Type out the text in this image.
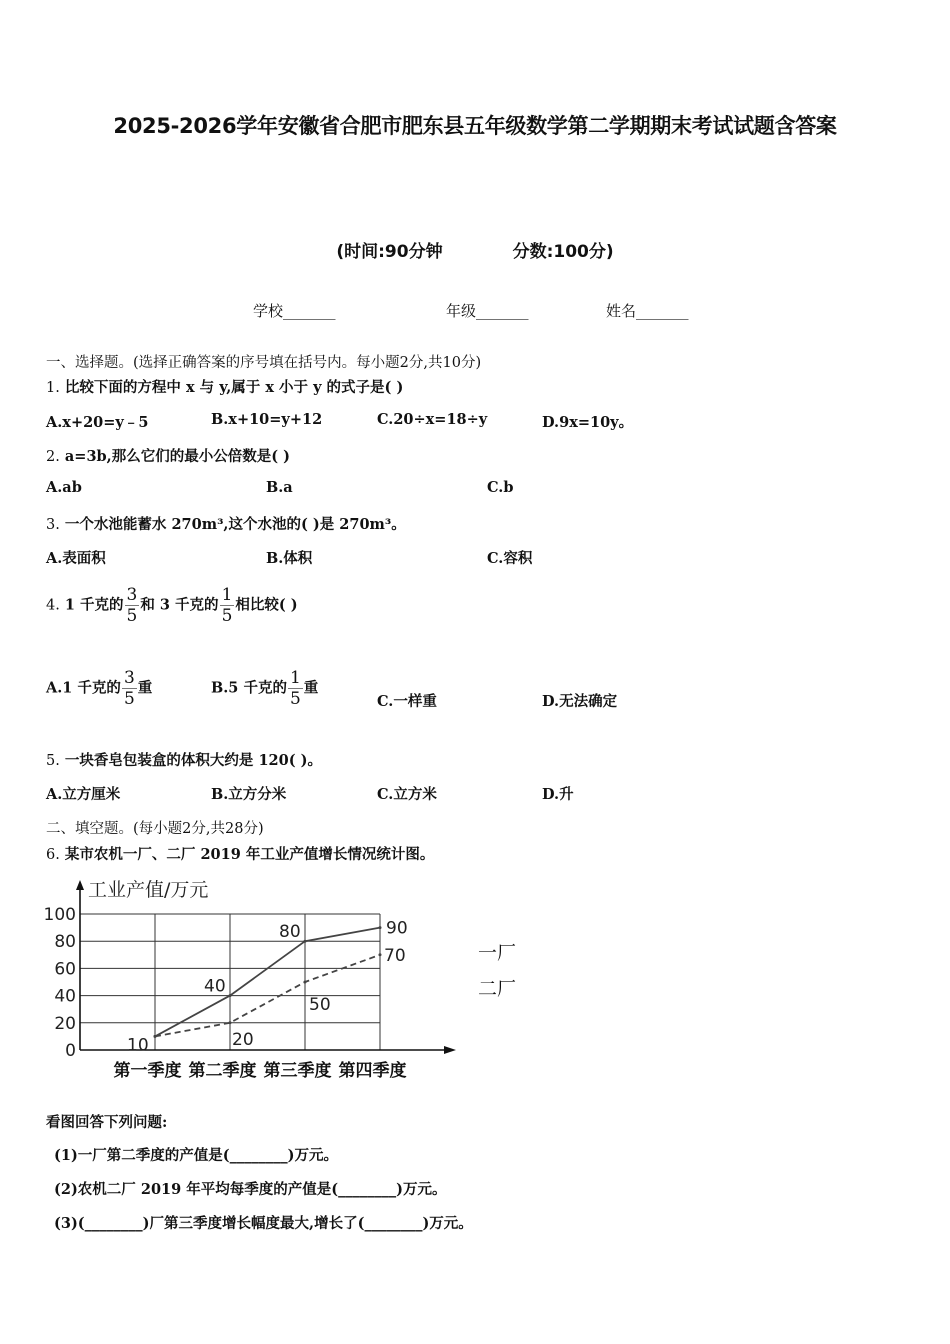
2025-2026学年安徽省合肥市肥东县五年级数学第二学期期末考试试题含答案
(时间:90分钟	分数:100分)
学校_______	年级_______	姓名_______
一、选择题。(选择正确答案的序号填在括号内。每小题2分,共10分)
1. 比较下面的方程中 x 与 y,属于 x 小于 y 的式子是( )
A.x+20=y﹣5	B.x+10=y+12	C.20÷x=18÷y	D.9x=10y。
2. a=3b,那么它们的最小公倍数是( )
A.ab	B.a	C.b
3. 一个水池能蓄水 270m³,这个水池的( )是 270m³。
A.表面积	B.体积	C.容积
4. 1 千克的 $\frac{3}{5}$ 和 3 千克的 $\frac{1}{5}$ 相比较( )
A.1 千克的 $\frac{3}{5}$ 重	B.5 千克的 $\frac{1}{5}$ 重
C.一样重	D.无法确定
5. 一块香皂包装盒的体积大约是 120( )。
A.立方厘米	B.立方分米	C.立方米	D.升
二、填空题。(每小题2分,共28分)
6. 某市农机一厂、二厂 2019 年工业产值增长情况统计图。
0
20
40
60
80
100
第一季度 第二季度 第三季度 第四季度
10
40
80	90
20
50
70
工业产值/万元
一厂
二厂
看图回答下列问题:
(1)一厂第二季度的产值是(________)万元。
(2)农机二厂 2019 年平均每季度的产值是(________)万元。
(3)(________)厂第三季度增长幅度最大,增长了(________)万元。
